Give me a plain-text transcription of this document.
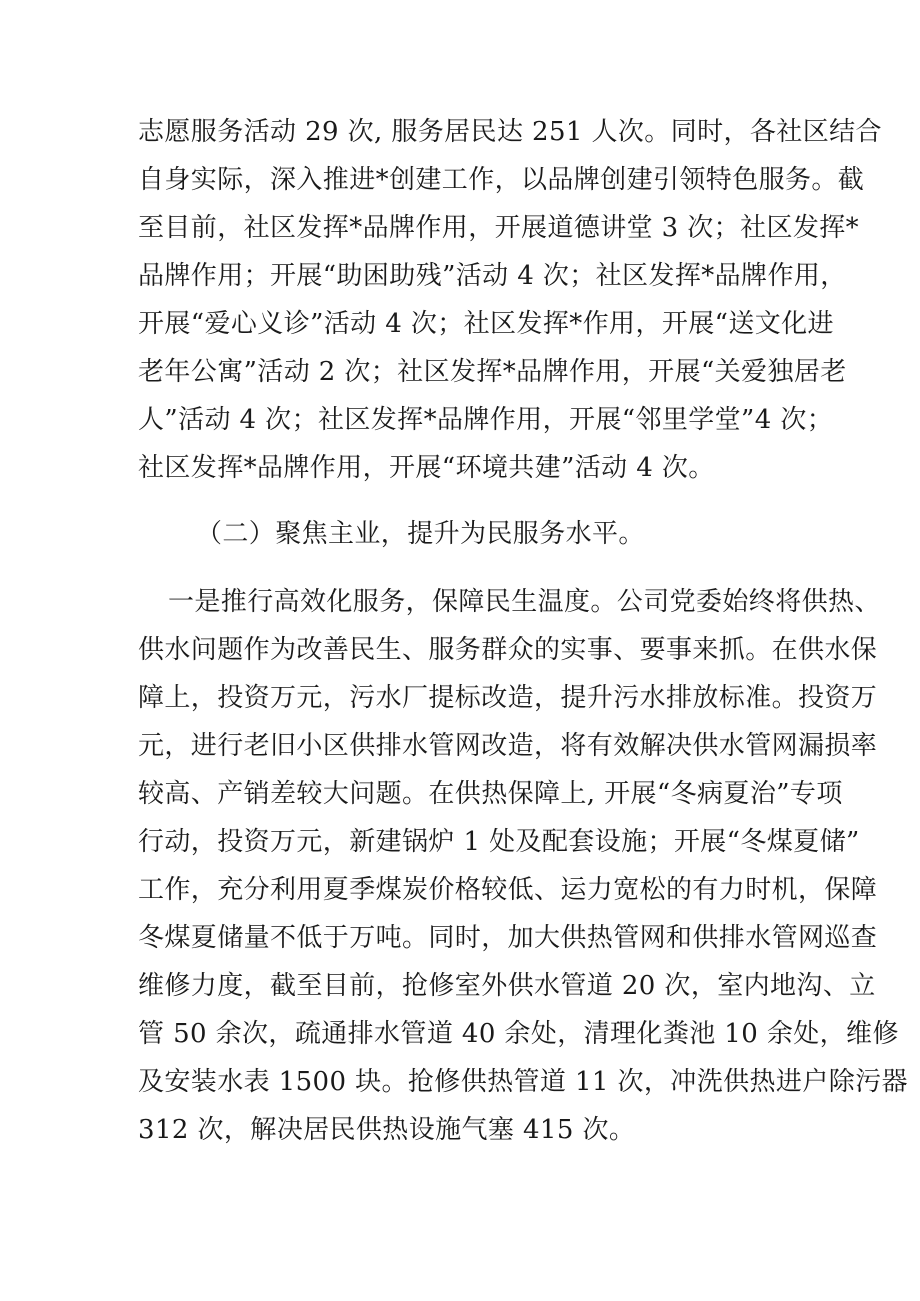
志愿服务活动 29 次, 服务居民达 251 人次。同时，各社区结合
自身实际，深入推进*创建工作，以品牌创建引领特色服务。截
至目前，社区发挥*品牌作用，开展道德讲堂 3 次；社区发挥*
品牌作用；开展“助困助残”活动 4 次；社区发挥*品牌作用，
开展“爱心义诊”活动 4 次；社区发挥*作用，开展“送文化进
老年公寓”活动 2 次；社区发挥*品牌作用，开展“关爱独居老
人”活动 4 次；社区发挥*品牌作用，开展“邻里学堂”4 次；
社区发挥*品牌作用，开展“环境共建”活动 4 次。
（二）聚焦主业，提升为民服务水平。
一是推行高效化服务，保障民生温度。公司党委始终将供热、
供水问题作为改善民生、服务群众的实事、要事来抓。在供水保
障上，投资万元，污水厂提标改造，提升污水排放标准。投资万
元，进行老旧小区供排水管网改造，将有效解决供水管网漏损率
较高、产销差较大问题。在供热保障上, 开展“冬病夏治”专项
行动，投资万元，新建锅炉 1 处及配套设施；开展“冬煤夏储”
工作，充分利用夏季煤炭价格较低、运力宽松的有力时机，保障
冬煤夏储量不低于万吨。同时，加大供热管网和供排水管网巡查
维修力度，截至目前，抢修室外供水管道 20 次，室内地沟、立
管 50 余次，疏通排水管道 40 余处，清理化粪池 10 余处，维修
及安装水表 1500 块。抢修供热管道 11 次，冲洗供热进户除污器
312 次，解决居民供热设施气塞 415 次。
